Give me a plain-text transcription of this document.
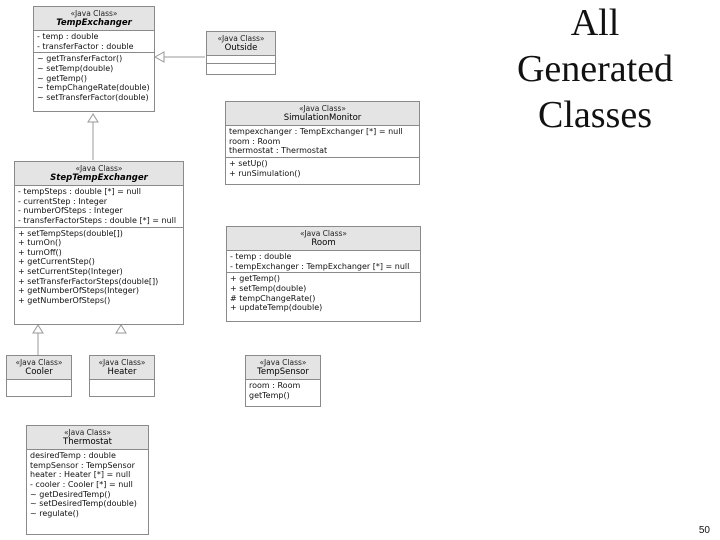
All
Generated
Classes
«Java Class»
TempExchanger
- temp : double
- transferFactor : double
~ getTransferFactor()
~ setTemp(double)
~ getTemp()
~ tempChangeRate(double)
~ setTransferFactor(double)
«Java Class»
Outside
«Java Class»
SimulationMonitor
tempexchanger : TempExchanger [*] = null
room : Room
thermostat : Thermostat
+ setUp()
+ runSimulation()
«Java Class»
StepTempExchanger
- tempSteps : double [*] = null
- currentStep : Integer
- numberOfSteps : Integer
- transferFactorSteps : double [*] = null
+ setTempSteps(double[])
+ turnOn()
+ turnOff()
+ getCurrentStep()
+ setCurrentStep(Integer)
+ setTransferFactorSteps(double[])
+ getNumberOfSteps(Integer)
+ getNumberOfSteps()
«Java Class»
Room
- temp : double
- tempExchanger : TempExchanger [*] = null
+ getTemp()
+ setTemp(double)
# tempChangeRate()
+ updateTemp(double)
«Java Class»
Cooler
«Java Class»
Heater
«Java Class»
TempSensor
room : Room
getTemp()
«Java Class»
Thermostat
desiredTemp : double
tempSensor : TempSensor
heater : Heater [*] = null
- cooler : Cooler [*] = null
~ getDesiredTemp()
~ setDesiredTemp(double)
~ regulate()
50
